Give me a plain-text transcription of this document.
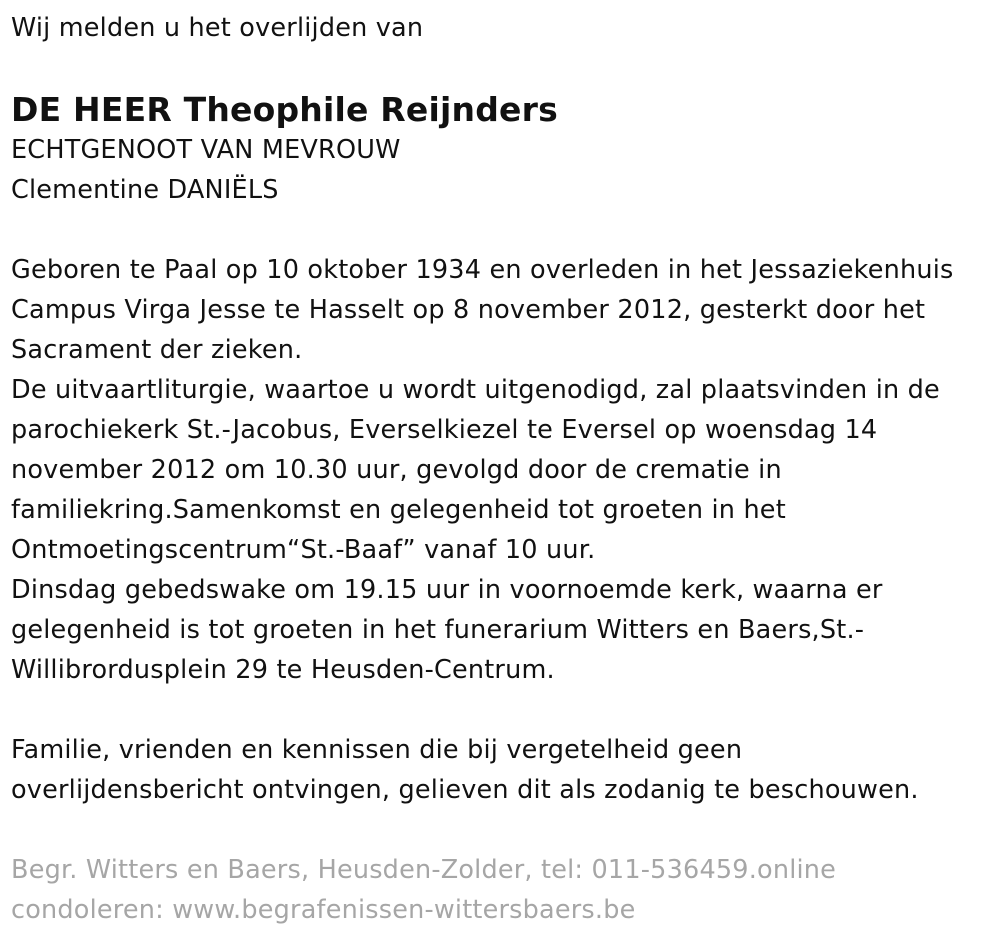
Wij melden u het overlijden van

DE HEER Theophile Reijnders

ECHTGENOOT VAN MEVROUW

Clementine DANIËLS

Geboren te Paal op 10 oktober 1934 en overleden in het Jessaziekenhuis

Campus Virga Jesse te Hasselt op 8 november 2012, gesterkt door het

Sacrament der zieken.

De uitvaartliturgie, waartoe u wordt uitgenodigd, zal plaatsvinden in de

parochiekerk St.-Jacobus, Everselkiezel te Eversel op woensdag 14

november 2012 om 10.30 uur, gevolgd door de crematie in

familiekring.Samenkomst en gelegenheid tot groeten in het

Ontmoetingscentrum“St.-Baaf” vanaf 10 uur.

Dinsdag gebedswake om 19.15 uur in voornoemde kerk, waarna er

gelegenheid is tot groeten in het funerarium Witters en Baers,St.-

Willibrordusplein 29 te Heusden-Centrum.

Familie, vrienden en kennissen die bij vergetelheid geen

overlijdensbericht ontvingen, gelieven dit als zodanig te beschouwen.

Begr. Witters en Baers, Heusden-Zolder, tel: 011-536459.online

condoleren: www.begrafenissen-wittersbaers.be
